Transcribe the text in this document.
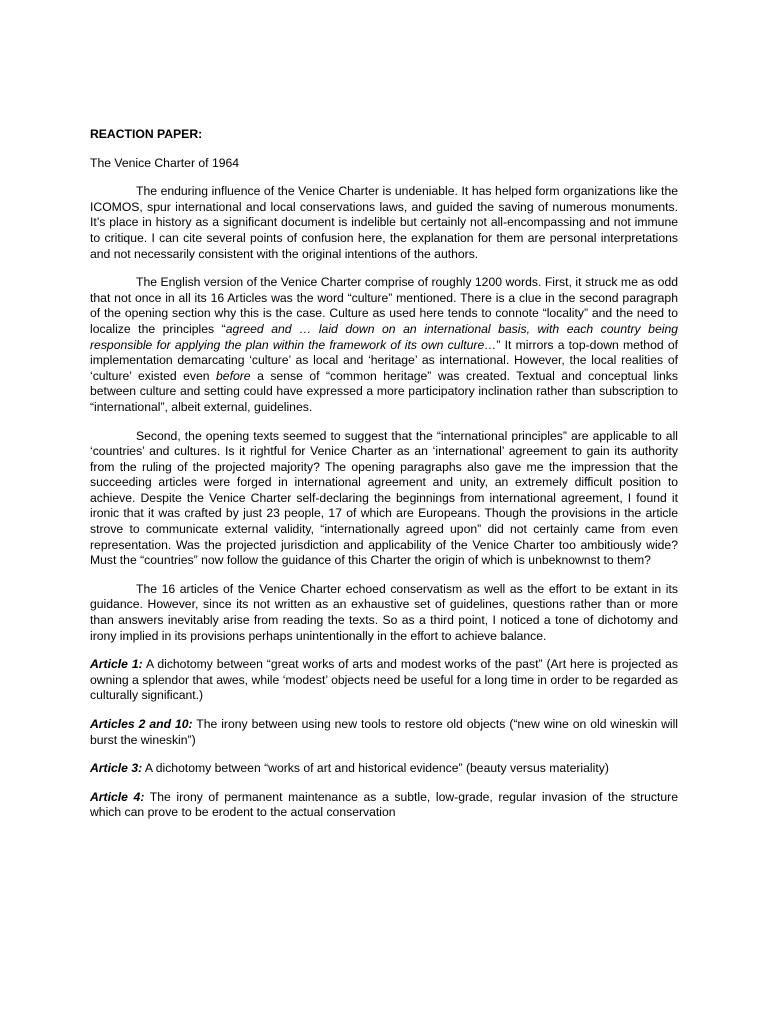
REACTION PAPER:
The Venice Charter of 1964

The enduring influence of the Venice Charter is undeniable. It has helped form organizations like the ICOMOS, spur international and local conservations laws, and guided the saving of numerous monuments. It’s place in history as a significant document is indelible but certainly not all-encompassing and not immune to critique. I can cite several points of confusion here, the explanation for them are personal interpretations and not necessarily consistent with the original intentions of the authors.

The English version of the Venice Charter comprise of roughly 1200 words. First, it struck me as odd that not once in all its 16 Articles was the word “culture” mentioned. There is a clue in the second paragraph of the opening section why this is the case. Culture as used here tends to connote “locality” and the need to localize the principles “agreed and … laid down on an international basis, with each country being responsible for applying the plan within the framework of its own culture…” It mirrors a top-down method of implementation demarcating ‘culture’ as local and ‘heritage’ as international. However, the local realities of ‘culture’ existed even before a sense of “common heritage” was created. Textual and conceptual links between culture and setting could have expressed a more participatory inclination rather than subscription to “international”, albeit external, guidelines.

Second, the opening texts seemed to suggest that the “international principles” are applicable to all ‘countries’ and cultures. Is it rightful for Venice Charter as an ‘international’ agreement to gain its authority from the ruling of the projected majority? The opening paragraphs also gave me the impression that the succeeding articles were forged in international agreement and unity, an extremely difficult position to achieve. Despite the Venice Charter self-declaring the beginnings from international agreement, I found it ironic that it was crafted by just 23 people, 17 of which are Europeans. Though the provisions in the article strove to communicate external validity, “internationally agreed upon” did not certainly came from even representation. Was the projected jurisdiction and applicability of the Venice Charter too ambitiously wide? Must the “countries” now follow the guidance of this Charter the origin of which is unbeknownst to them?

The 16 articles of the Venice Charter echoed conservatism as well as the effort to be extant in its guidance. However, since its not written as an exhaustive set of guidelines, questions rather than or more than answers inevitably arise from reading the texts. So as a third point, I noticed a tone of dichotomy and irony implied in its provisions perhaps unintentionally in the effort to achieve balance.

Article 1: A dichotomy between “great works of arts and modest works of the past” (Art here is projected as owning a splendor that awes, while ‘modest’ objects need be useful for a long time in order to be regarded as culturally significant.)

Articles 2 and 10: The irony between using new tools to restore old objects (“new wine on old wineskin will burst the wineskin”)

Article 3: A dichotomy between “works of art and historical evidence” (beauty versus materiality)

Article 4: The irony of permanent maintenance as a subtle, low-grade, regular invasion of the structure which can prove to be erodent to the actual conservation
